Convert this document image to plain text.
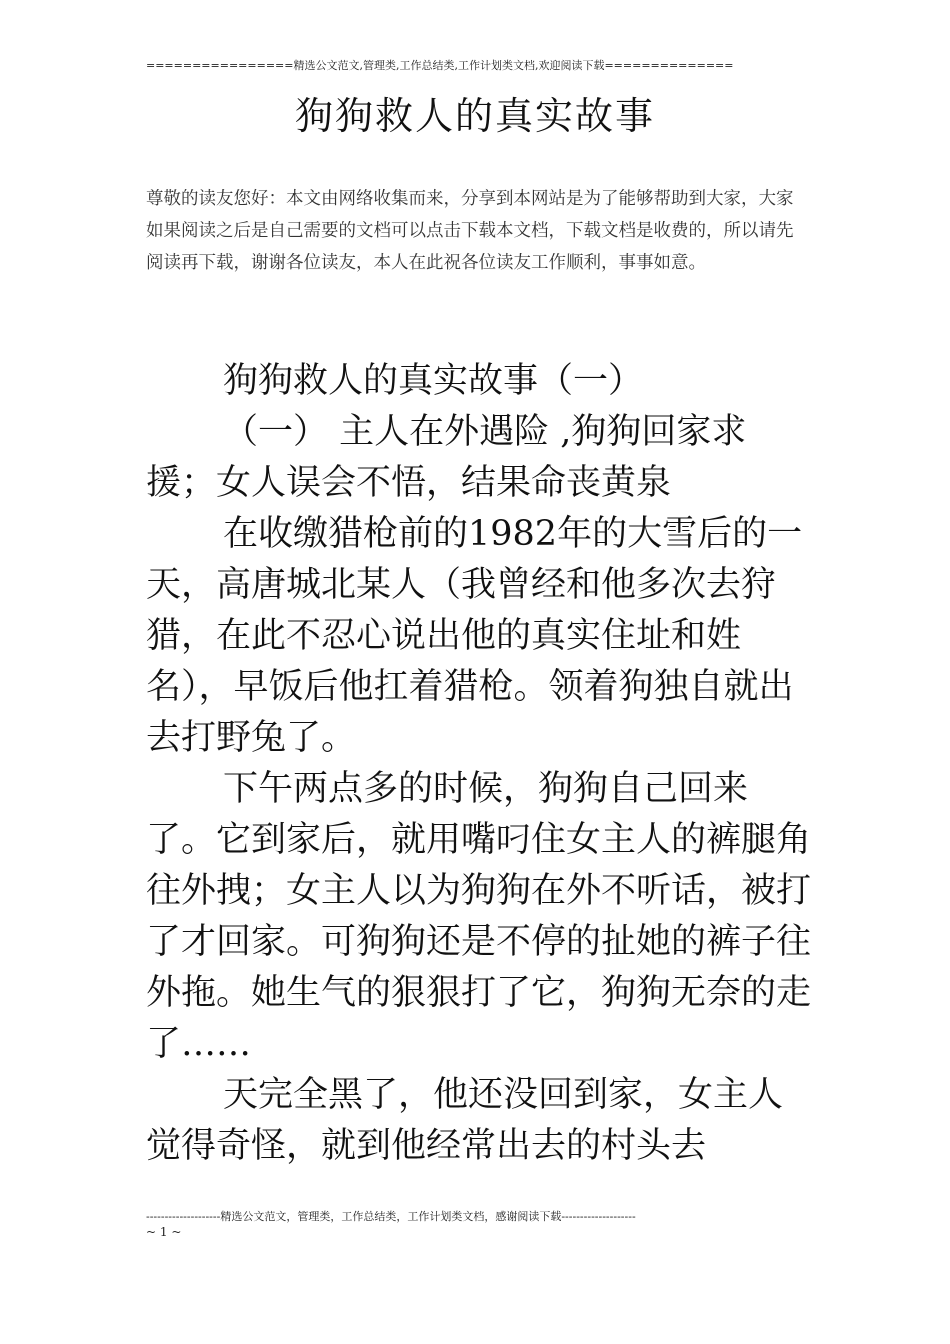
================精选公文范文,管理类,工作总结类,工作计划类文档,欢迎阅读下载==============
狗狗救人的真实故事
尊敬的读友您好：本文由网络收集而来，分享到本网站是为了能够帮助到大家，大家如果阅读之后是自己需要的文档可以点击下载本文档，下载文档是收费的，所以请先阅读再下载，谢谢各位读友，本人在此祝各位读友工作顺利，事事如意。

狗狗救人的真实故事（一）

（一） 主人在外遇险 ,狗狗回家求援；女人误会不悟，结果命丧黄泉

在收缴猎枪前的1982年的大雪后的一天，高唐城北某人（我曾经和他多次去狩猎，在此不忍心说出他的真实住址和姓名），早饭后他扛着猎枪。领着狗独自就出去打野兔了。

下午两点多的时候，狗狗自己回来了。它到家后，就用嘴叼住女主人的裤腿角往外拽；女主人以为狗狗在外不听话，被打了才回家。可狗狗还是不停的扯她的裤子往外拖。她生气的狠狠打了它，狗狗无奈的走了……

天完全黑了，他还没回到家，女主人觉得奇怪，就到他经常出去的村头去

--------------------精选公文范文，管理类，工作总结类，工作计划类文档，感谢阅读下载--------------------
~ 1 ~
